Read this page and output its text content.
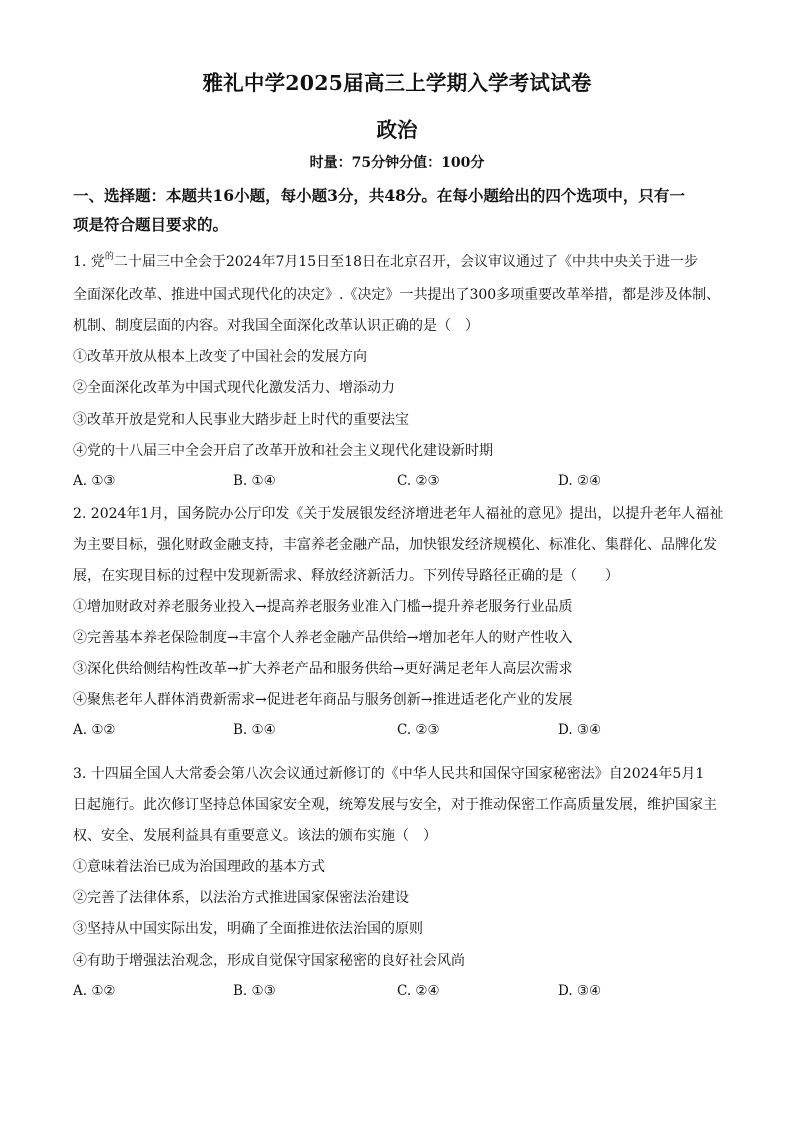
雅礼中学2025届高三上学期入学考试试卷
政治
时量：75分钟分值：100分
一、选择题：本题共16小题，每小题3分，共48分。在每小题给出的四个选项中，只有一
项是符合题目要求的。
1. 党$^的$二十届三中全会于2024年7月15日至18日在北京召开，会议审议通过了《中共中央关于进一步
全面深化改革、推进中国式现代化的决定》.《决定》一共提出了300多项重要改革举措，都是涉及体制、
机制、制度层面的内容。对我国全面深化改革认识正确的是（　）
①改革开放从根本上改变了中国社会的发展方向
②全面深化改革为中国式现代化激发活力、增添动力
③改革开放是党和人民事业大踏步赶上时代的重要法宝
④党的十八届三中全会开启了改革开放和社会主义现代化建设新时期
A. ①③	B. ①④	C. ②③	D. ②④
2. 2024年1月，国务院办公厅印发《关于发展银发经济增进老年人福祉的意见》提出，以提升老年人福祉
为主要目标，强化财政金融支持，丰富养老金融产品，加快银发经济规模化、标准化、集群化、品牌化发
展，在实现目标的过程中发现新需求、释放经济新活力。下列传导路径正确的是（　　）
①增加财政对养老服务业投入→提高养老服务业准入门槛→提升养老服务行业品质
②完善基本养老保险制度→丰富个人养老金融产品供给→增加老年人的财产性收入
③深化供给侧结构性改革→扩大养老产品和服务供给→更好满足老年人高层次需求
④聚焦老年人群体消费新需求→促进老年商品与服务创新→推进适老化产业的发展
A. ①②	B. ①④	C. ②③	D. ③④
3. 十四届全国人大常委会第八次会议通过新修订的《中华人民共和国保守国家秘密法》自2024年5月1
日起施行。此次修订坚持总体国家安全观，统筹发展与安全，对于推动保密工作高质量发展，维护国家主
权、安全、发展利益具有重要意义。该法的颁布实施（　）
①意味着法治已成为治国理政的基本方式
②完善了法律体系，以法治方式推进国家保密法治建设
③坚持从中国实际出发，明确了全面推进依法治国的原则
④有助于增强法治观念，形成自觉保守国家秘密的良好社会风尚
A. ①②	B. ①③	C. ②④	D. ③④
